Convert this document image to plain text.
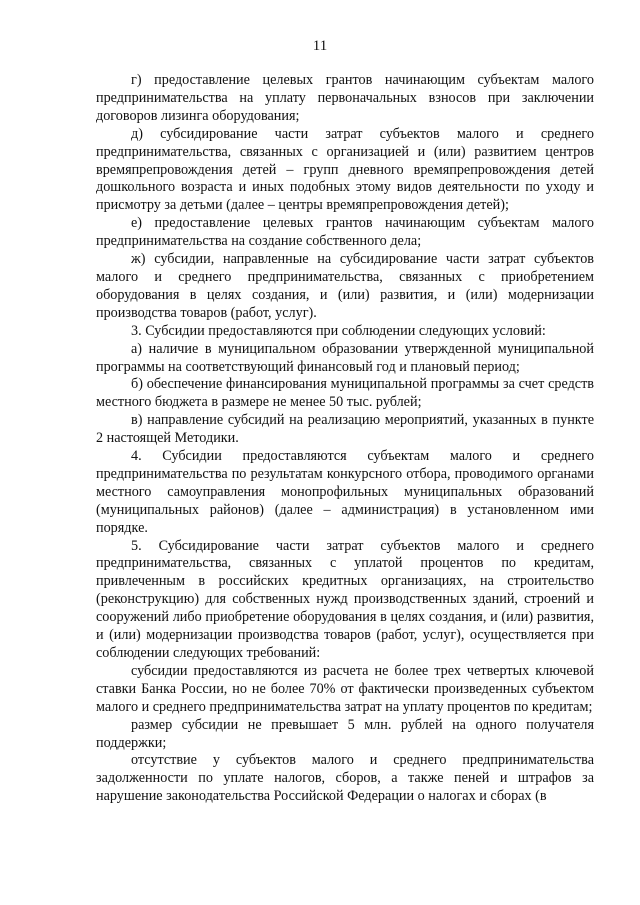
11

г) предоставление целевых грантов начинающим субъектам малого предпринимательства на уплату первоначальных взносов при заключении договоров лизинга оборудования;

д) субсидирование части затрат субъектов малого и среднего предпринимательства, связанных с организацией и (или) развитием центров времяпрепровождения детей – групп дневного времяпрепровождения детей дошкольного возраста и иных подобных этому видов деятельности по уходу и присмотру за детьми (далее – центры времяпрепровождения детей);

е) предоставление целевых грантов начинающим субъектам малого предпринимательства на создание собственного дела;

ж) субсидии, направленные на субсидирование части затрат субъектов малого и среднего предпринимательства, связанных с приобретением оборудования в целях создания, и (или) развития, и (или) модернизации производства товаров (работ, услуг).

3. Субсидии предоставляются при соблюдении следующих условий:

а) наличие в муниципальном образовании утвержденной муниципальной программы на соответствующий финансовый год и плановый период;

б) обеспечение финансирования муниципальной программы за счет средств местного бюджета в размере не менее 50 тыс. рублей;

в) направление субсидий на реализацию мероприятий, указанных в пункте 2 настоящей Методики.

4. Субсидии предоставляются субъектам малого и среднего предпринимательства по результатам конкурсного отбора, проводимого органами местного самоуправления монопрофильных муниципальных образований (муниципальных районов) (далее – администрация) в установленном ими порядке.

5. Субсидирование части затрат субъектов малого и среднего предпринимательства, связанных с уплатой процентов по кредитам, привлеченным в российских кредитных организациях, на строительство (реконструкцию) для собственных нужд производственных зданий, строений и сооружений либо приобретение оборудования в целях создания, и (или) развития, и (или) модернизации производства товаров (работ, услуг), осуществляется при соблюдении следующих требований:

субсидии предоставляются из расчета не более трех четвертых ключевой ставки Банка России, но не более 70% от фактически произведенных субъектом малого и среднего предпринимательства затрат на уплату процентов по кредитам;

размер субсидии не превышает 5 млн. рублей на одного получателя поддержки;

отсутствие у субъектов малого и среднего предпринимательства задолженности по уплате налогов, сборов, а также пеней и штрафов за нарушение законодательства Российской Федерации о налогах и сборах (в
